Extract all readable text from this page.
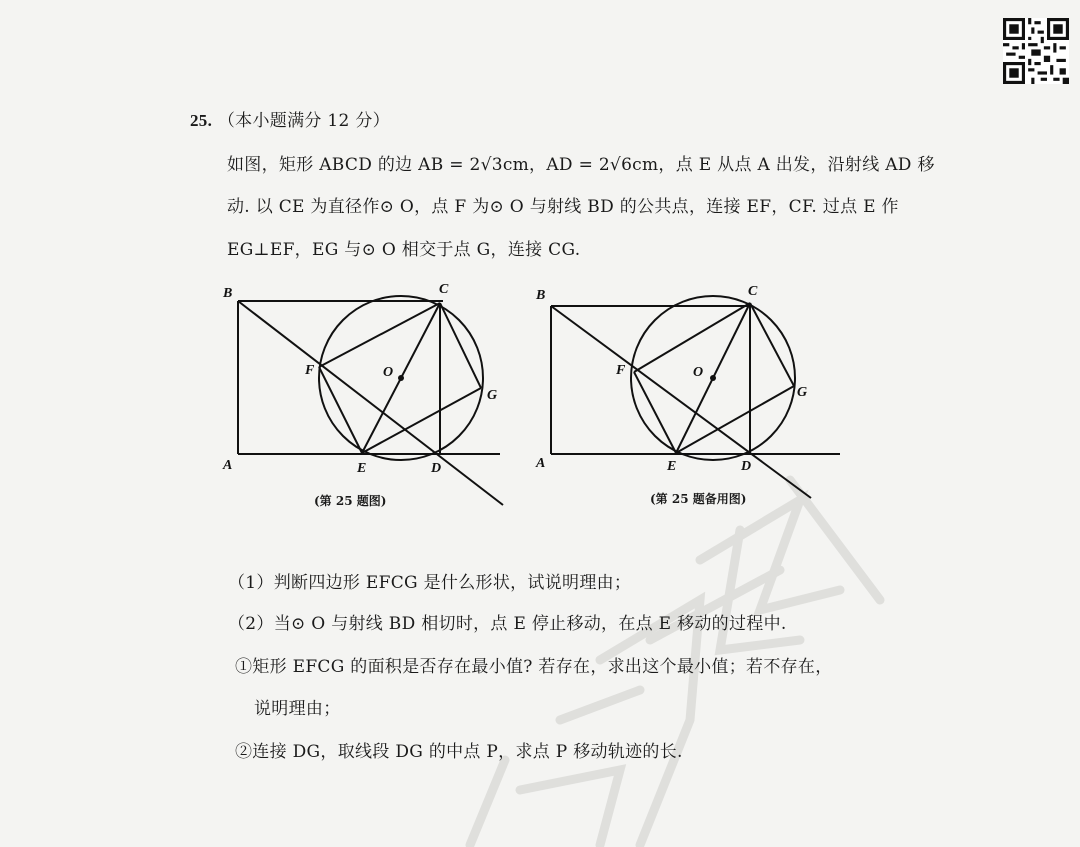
25. （本小题满分 12 分）
如图，矩形 ABCD 的边 AB = 2√3cm，AD = 2√6cm，点 E 从点 A 出发，沿射线 AD 移
动. 以 CE 为直径作⊙ O，点 F 为⊙ O 与射线 BD 的公共点，连接 EF，CF. 过点 E 作
EG⊥EF，EG 与⊙ O 相交于点 G，连接 CG.
B	C
F	O
G
A	E	D
(第 25 题图)
B	C
F	O
G
A	E	D
(第 25 题备用图)
（1）判断四边形 EFCG 是什么形状，试说明理由；
（2）当⊙ O 与射线 BD 相切时，点 E 停止移动，在点 E 移动的过程中.
①矩形 EFCG 的面积是否存在最小值? 若存在，求出这个最小值；若不存在，
说明理由；
②连接 DG，取线段 DG 的中点 P，求点 P 移动轨迹的长.
